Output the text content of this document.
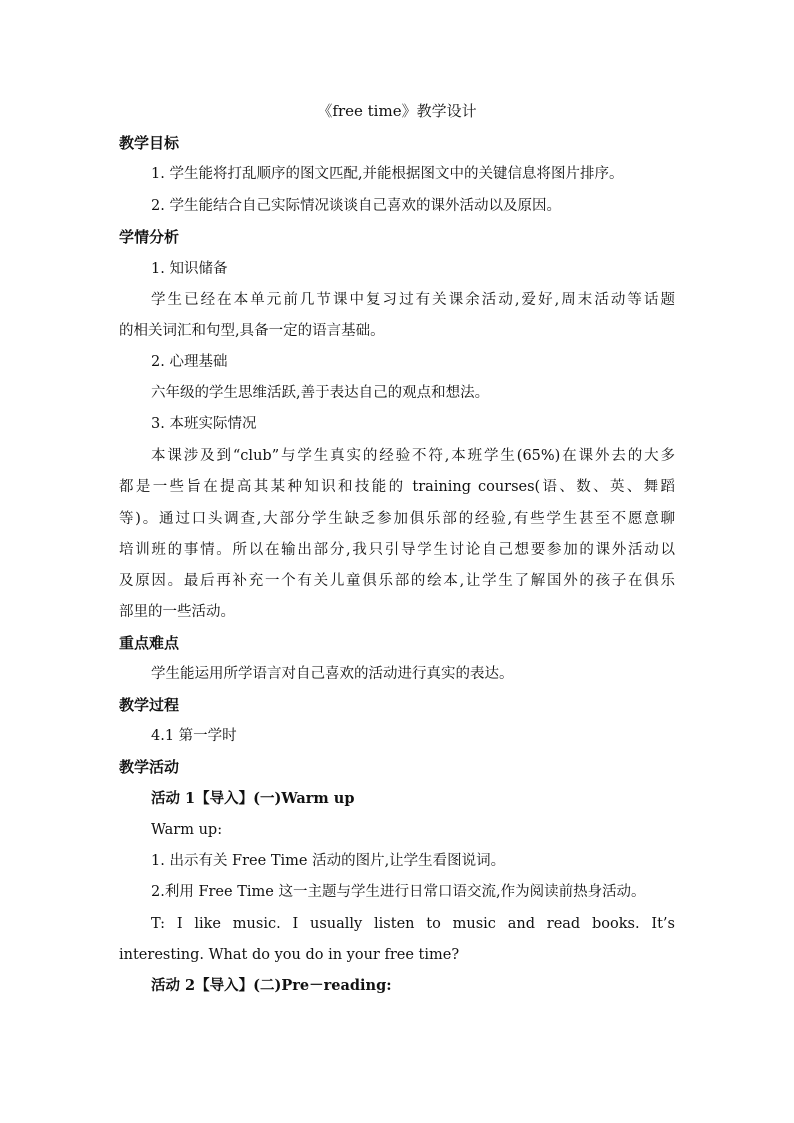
《free time》教学设计
教学目标
1. 学生能将打乱顺序的图文匹配,并能根据图文中的关键信息将图片排序。
2. 学生能结合自己实际情况谈谈自己喜欢的课外活动以及原因。
学情分析
1. 知识储备
学生已经在本单元前几节课中复习过有关课余活动,爱好,周末活动等话题
的相关词汇和句型,具备一定的语言基础。
2. 心理基础
六年级的学生思维活跃,善于表达自己的观点和想法。
3. 本班实际情况
本课涉及到“club”与学生真实的经验不符,本班学生(65%)在课外去的大多
都是一些旨在提高其某种知识和技能的 training courses(语、数、英、舞蹈
等)。通过口头调查,大部分学生缺乏参加俱乐部的经验,有些学生甚至不愿意聊
培训班的事情。所以在输出部分,我只引导学生讨论自己想要参加的课外活动以
及原因。最后再补充一个有关儿童俱乐部的绘本,让学生了解国外的孩子在俱乐
部里的一些活动。
重点难点
学生能运用所学语言对自己喜欢的活动进行真实的表达。
教学过程
4.1 第一学时
教学活动
活动 1【导入】(一)Warm up
Warm up:
1. 出示有关 Free Time 活动的图片,让学生看图说词。
2.利用 Free Time 这一主题与学生进行日常口语交流,作为阅读前热身活动。
T: I like music. I usually listen to music and read books. It’s
interesting. What do you do in your free time?
活动 2【导入】(二)Pre－reading:
